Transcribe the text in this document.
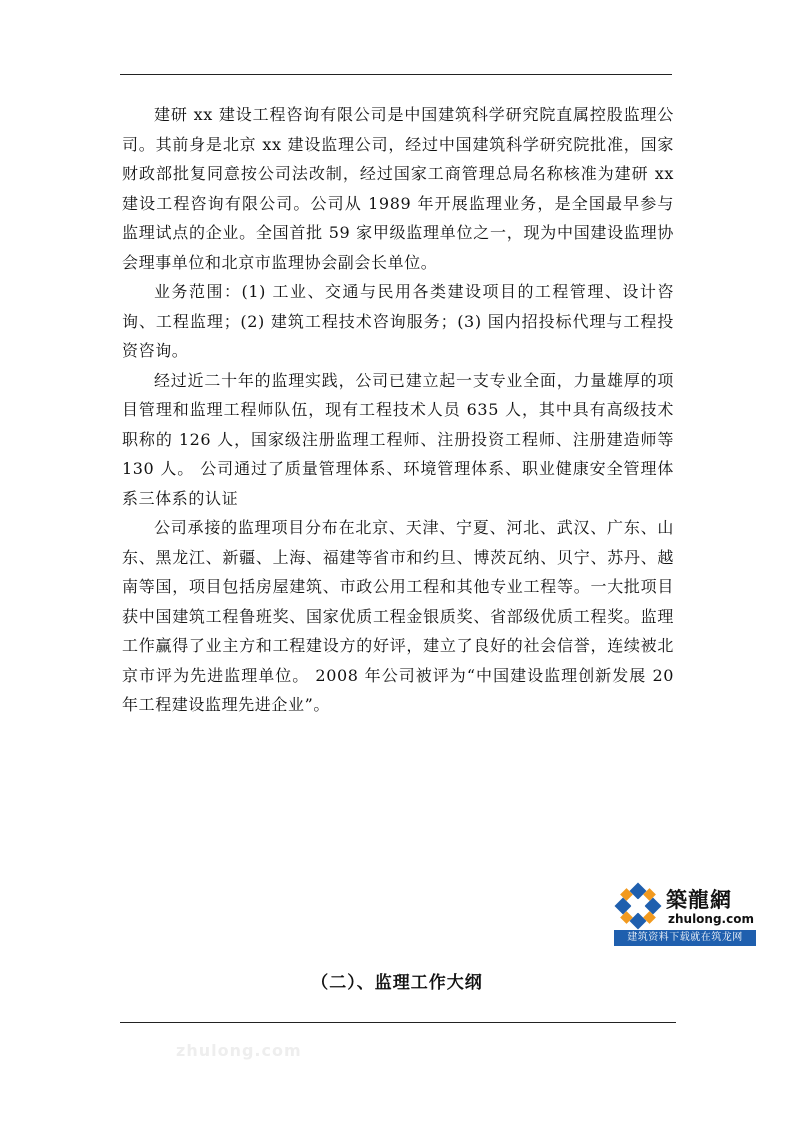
建研 xx 建设工程咨询有限公司是中国建筑科学研究院直属控股监理公司。其前身是北京 xx 建设监理公司，经过中国建筑科学研究院批准，国家财政部批复同意按公司法改制，经过国家工商管理总局名称核准为建研 xx 建设工程咨询有限公司。公司从 1989 年开展监理业务，是全国最早参与监理试点的企业。全国首批 59 家甲级监理单位之一，现为中国建设监理协会理事单位和北京市监理协会副会长单位。

业务范围：(1) 工业、交通与民用各类建设项目的工程管理、设计咨询、工程监理；(2) 建筑工程技术咨询服务；(3) 国内招投标代理与工程投资咨询。

经过近二十年的监理实践，公司已建立起一支专业全面，力量雄厚的项目管理和监理工程师队伍，现有工程技术人员 635 人，其中具有高级技术职称的 126 人，国家级注册监理工程师、注册投资工程师、注册建造师等 130 人。 公司通过了质量管理体系、环境管理体系、职业健康安全管理体系三体系的认证

公司承接的监理项目分布在北京、天津、宁夏、河北、武汉、广东、山东、黑龙江、新疆、上海、福建等省市和约旦、博茨瓦纳、贝宁、苏丹、越南等国，项目包括房屋建筑、市政公用工程和其他专业工程等。一大批项目获中国建筑工程鲁班奖、国家优质工程金银质奖、省部级优质工程奖。监理工作赢得了业主方和工程建设方的好评，建立了良好的社会信誉，连续被北京市评为先进监理单位。 2008 年公司被评为“中国建设监理创新发展 20 年工程建设监理先进企业”。

築龍網
zhulong.com
建筑资料下载就在筑龙网
（二）、监理工作大纲
zhulong.com
